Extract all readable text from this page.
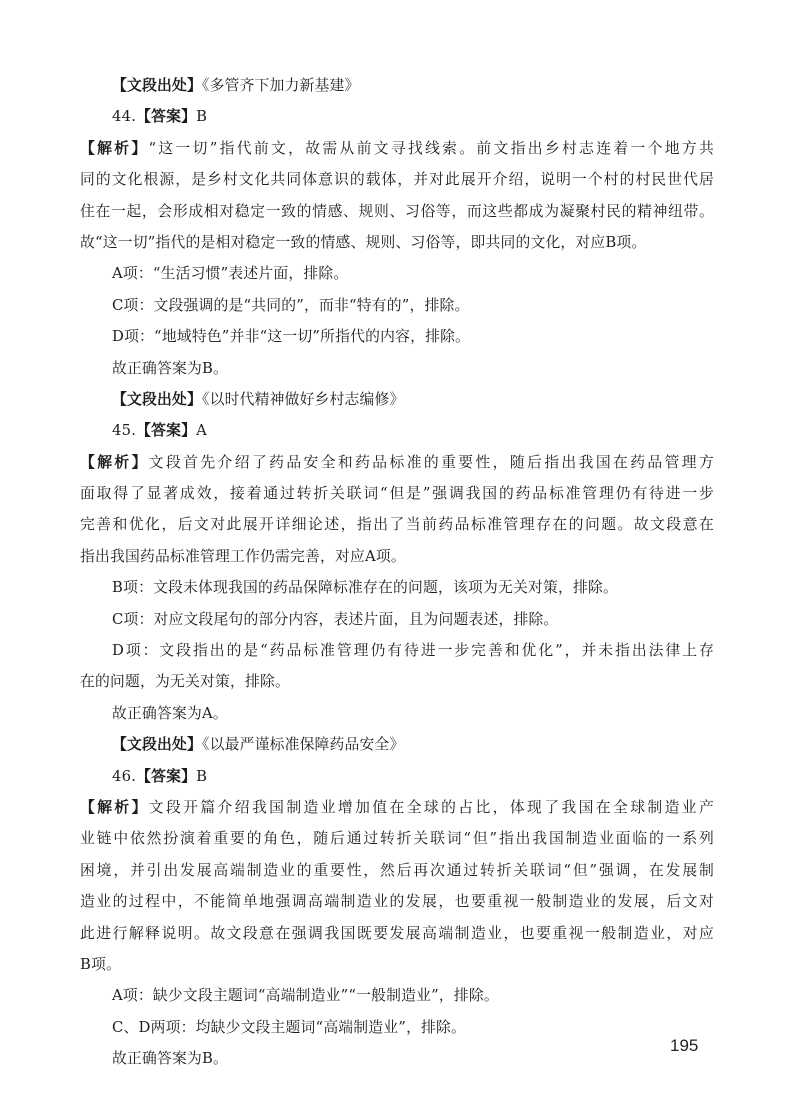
【文段出处】《多管齐下加力新基建》
44.【答案】B
【解析】“这一切”指代前文，故需从前文寻找线索。前文指出乡村志连着一个地方共
同的文化根源，是乡村文化共同体意识的载体，并对此展开介绍，说明一个村的村民世代居
住在一起，会形成相对稳定一致的情感、规则、习俗等，而这些都成为凝聚村民的精神纽带。
故“这一切”指代的是相对稳定一致的情感、规则、习俗等，即共同的文化，对应B项。
A项：“生活习惯”表述片面，排除。
C项：文段强调的是“共同的”，而非“特有的”，排除。
D项：“地域特色”并非“这一切”所指代的内容，排除。
故正确答案为B。
【文段出处】《以时代精神做好乡村志编修》
45.【答案】A
【解析】文段首先介绍了药品安全和药品标准的重要性，随后指出我国在药品管理方
面取得了显著成效，接着通过转折关联词“但是”强调我国的药品标准管理仍有待进一步
完善和优化，后文对此展开详细论述，指出了当前药品标准管理存在的问题。故文段意在
指出我国药品标准管理工作仍需完善，对应A项。
B项：文段未体现我国的药品保障标准存在的问题，该项为无关对策，排除。
C项：对应文段尾句的部分内容，表述片面，且为问题表述，排除。
D项：文段指出的是“药品标准管理仍有待进一步完善和优化”，并未指出法律上存
在的问题，为无关对策，排除。
故正确答案为A。
【文段出处】《以最严谨标准保障药品安全》
46.【答案】B
【解析】文段开篇介绍我国制造业增加值在全球的占比，体现了我国在全球制造业产
业链中依然扮演着重要的角色，随后通过转折关联词“但”指出我国制造业面临的一系列
困境，并引出发展高端制造业的重要性，然后再次通过转折关联词“但”强调，在发展制
造业的过程中，不能简单地强调高端制造业的发展，也要重视一般制造业的发展，后文对
此进行解释说明。故文段意在强调我国既要发展高端制造业，也要重视一般制造业，对应
B项。
A项：缺少文段主题词“高端制造业”“一般制造业”，排除。
C、D两项：均缺少文段主题词“高端制造业”，排除。
故正确答案为B。
195
